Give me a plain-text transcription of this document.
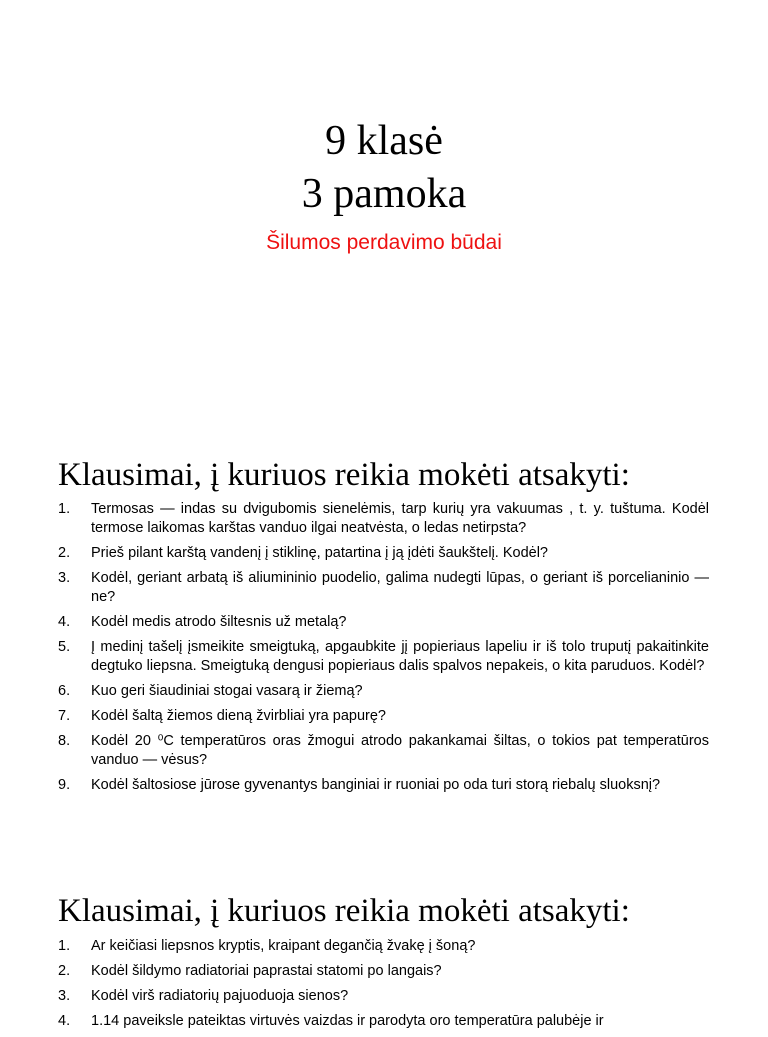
9 klasė
3 pamoka
Šilumos perdavimo būdai
Klausimai, į kuriuos reikia mokėti atsakyti:
1. Termosas — indas su dvigubomis sienelėmis, tarp kurių yra vakuumas , t. y. tuštuma. Kodėl termose laikomas karštas vanduo ilgai neatvėsta, o ledas netirpsta?
2. Prieš pilant karštą vandenį į stiklinę, patartina į ją įdėti šaukštelį. Kodėl?
3. Kodėl, geriant arbatą iš aliumininio puodelio, galima nudegti lūpas, o geriant iš porcelianinio — ne?
4. Kodėl medis atrodo šiltesnis už metalą?
5. Į medinį tašelį įsmeikite smeigtuką, apgaubkite jį popieriaus lapeliu ir iš tolo truputį pakaitinkite degtuko liepsna. Smeigtuką dengusi popieriaus dalis spalvos nepakeis, o kita paruduos. Kodėl?
6. Kuo geri šiaudiniai stogai vasarą ir žiemą?
7. Kodėl šaltą žiemos dieną žvirbliai yra papurę?
8. Kodėl 20 ⁰C temperatūros oras žmogui atrodo pakankamai šiltas, o tokios pat temperatūros vanduo — vėsus?
9. Kodėl šaltosiose jūrose gyvenantys banginiai ir ruoniai po oda turi storą riebalų sluoksnį?
Klausimai, į kuriuos reikia mokėti atsakyti:
1. Ar keičiasi liepsnos kryptis, kraipant degančią žvakę į šoną?
2. Kodėl šildymo radiatoriai paprastai statomi po langais?
3. Kodėl virš radiatorių pajuoduoja sienos?
4. 1.14 paveiksle pateiktas virtuvės vaizdas ir parodyta oro temperatūra palubėje ir
